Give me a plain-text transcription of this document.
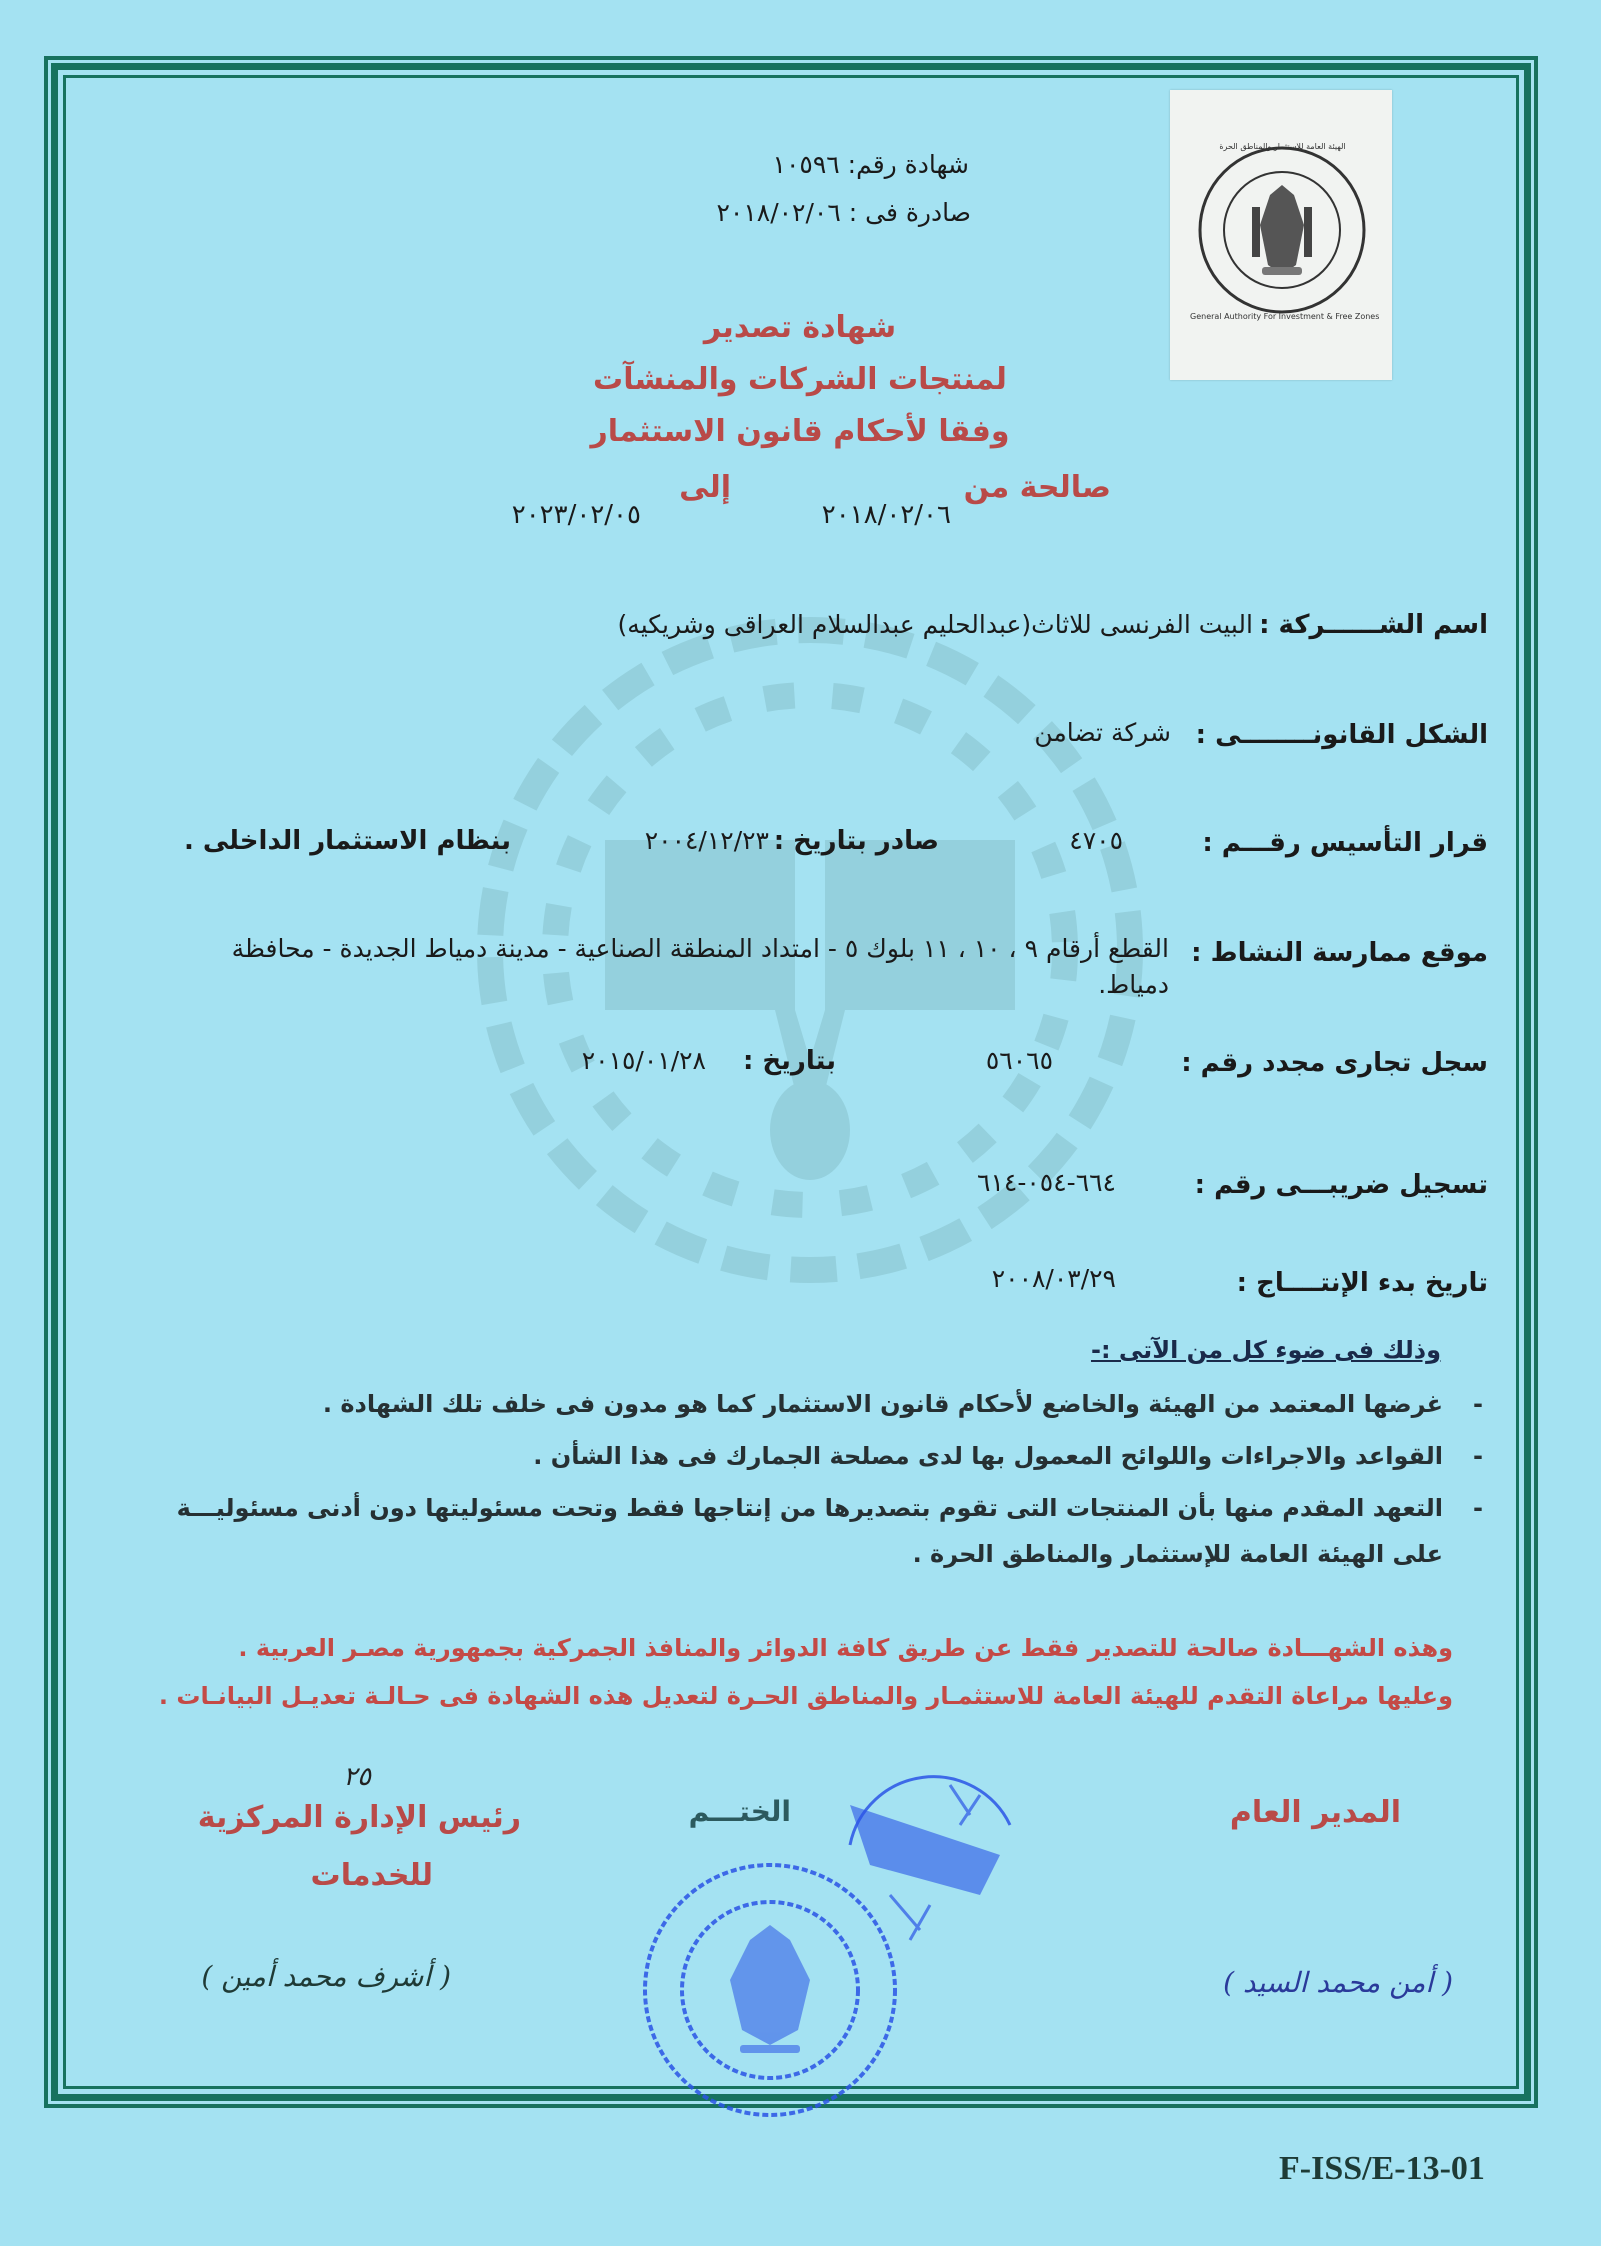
الهيئة العامة للاستثمار والمناطق الحرة
General Authority For Investment & Free Zones
شهادة رقم: ١٠٥٩٦
صادرة فى : ٢٠١٨/٠٢/٠٦
شهادة تصدير
لمنتجات الشركات والمنشآت
وفقا لأحكام قانون الاستثمار
صالحة من
٢٠١٨/٠٢/٠٦
إلى
٢٠٢٣/٠٢/٠٥
اسم الشــــــركة :
البيت الفرنسى للاثاث(عبدالحليم عبدالسلام العراقى وشريكيه)
الشكل القانونــــــــى :
شركة تضامن
قرار التأسيس رقـــم :
٤٧٠٥
صادر بتاريخ :
٢٠٠٤/١٢/٢٣
بنظام الاستثمار الداخلى .
موقع ممارسة النشاط :
القطع أرقام ٩ ، ١٠ ، ١١ بلوك ٥ - امتداد المنطقة الصناعية - مدينة دمياط الجديدة - محافظة
دمياط.
سجل تجارى مجدد رقم :
٥٦٠٦٥
بتاريخ :
٢٠١٥/٠١/٢٨
تسجيل ضريبـــى رقم :
٦٦٤-٠٥٤-٦١٤
تاريخ بدء الإنتــــاج :
٢٠٠٨/٠٣/٢٩
وذلك فى ضوء كل من الآتى :-
-
غرضها المعتمد من الهيئة والخاضع لأحكام قانون الاستثمار كما هو مدون فى خلف تلك الشهادة .
-
القواعد والاجراءات واللوائح المعمول بها لدى مصلحة الجمارك فى هذا الشأن .
-
التعهد المقدم منها بأن المنتجات التى تقوم بتصديرها من إنتاجها فقط وتحت مسئوليتها دون أدنى مسئوليـــة
على الهيئة العامة للإستثمار والمناطق الحرة .
وهذه الشهـــادة صالحة للتصدير فقط عن طريق كافة الدوائر والمنافذ الجمركية بجمهورية مصـر العربية .
وعليها مراعاة التقدم للهيئة العامة للاستثمـار والمناطق الحـرة لتعديل هذه الشهادة فى حـالـة تعديـل البيانـات .
المدير العام
( أمن محمد السيد )
الختـــم
٢٥
رئيس الإدارة المركزية
للخدمات
( أشرف محمد أمين )
F-ISS/E-13-01
